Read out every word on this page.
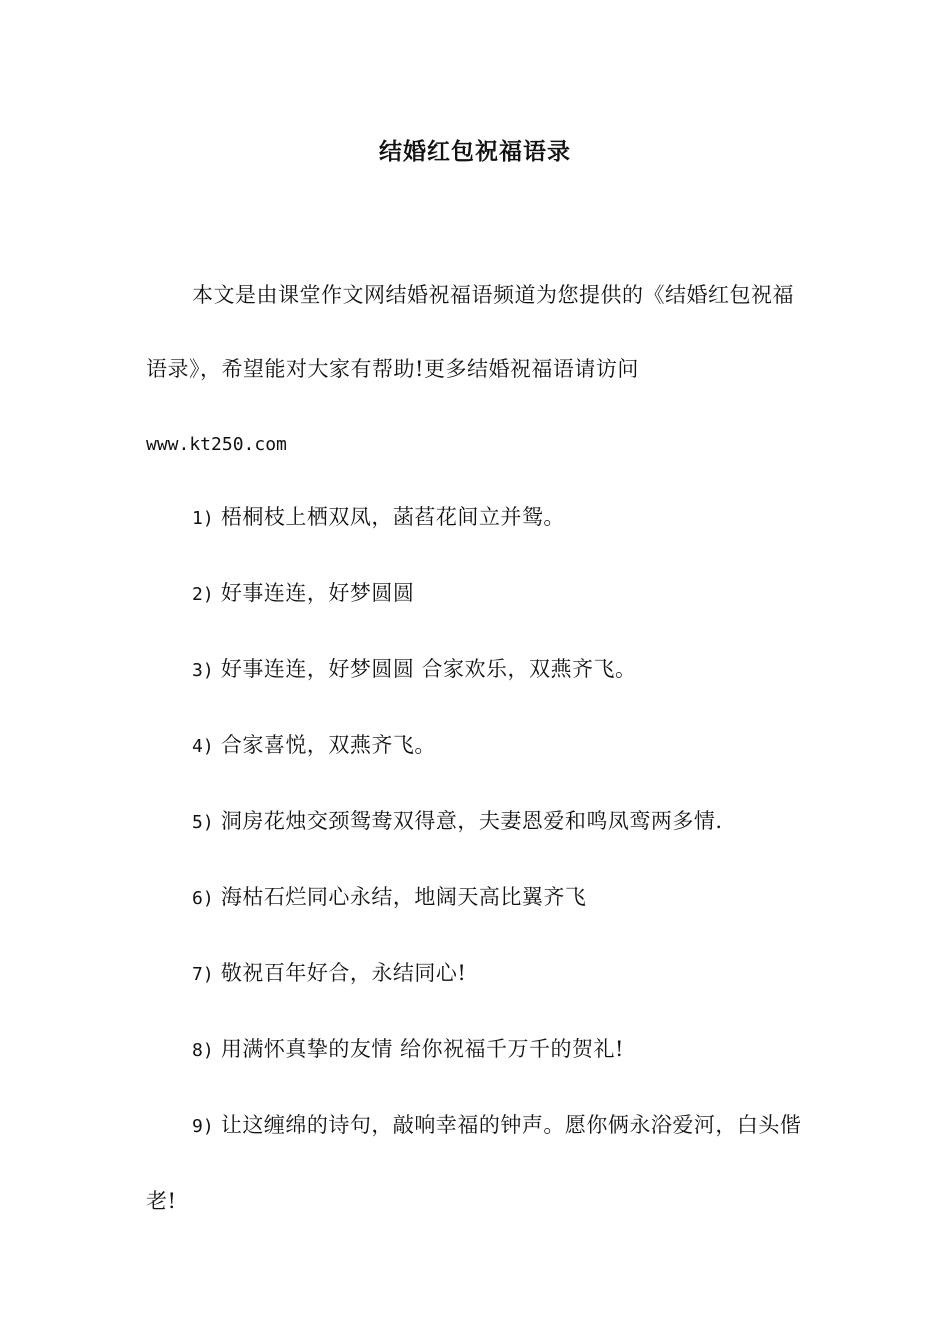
结婚红包祝福语录

本文是由课堂作文网结婚祝福语频道为您提供的《结婚红包祝福语录》，希望能对大家有帮助!更多结婚祝福语请访问
www.kt250.com

1) 梧桐枝上栖双凤，菡萏花间立并鸳。
2) 好事连连，好梦圆圆
3) 好事连连，好梦圆圆 合家欢乐，双燕齐飞。
4) 合家喜悦，双燕齐飞。
5) 洞房花烛交颈鸳鸯双得意，夫妻恩爱和鸣凤鸾两多情.
6) 海枯石烂同心永结，地阔天高比翼齐飞
7) 敬祝百年好合，永结同心!
8) 用满怀真挚的友情 给你祝福千万千的贺礼!
9) 让这缠绵的诗句，敲响幸福的钟声。愿你俩永浴爱河，白头偕老!
